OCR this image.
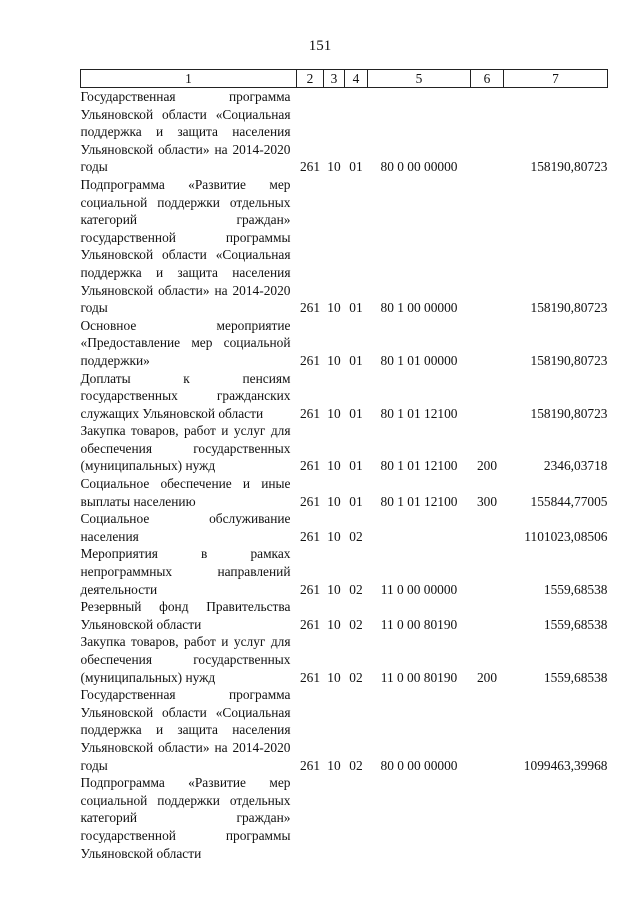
151
1	2	3	4	5	6	7
Государственная программа Ульяновской области «Социальная поддержка и защита населения Ульяновской области» на 2014-2020 годы	261	10	01	80 0 00 00000		158190,80723
Подпрограмма «Развитие мер социальной поддержки отдельных категорий граждан» государственной программы Ульяновской области «Социальная поддержка и защита населения Ульяновской области» на 2014-2020 годы	261	10	01	80 1 00 00000		158190,80723
Основное мероприятие «Предоставление мер социальной поддержки»	261	10	01	80 1 01 00000		158190,80723
Доплаты к пенсиям государственных гражданских служащих Ульяновской области	261	10	01	80 1 01 12100		158190,80723
Закупка товаров, работ и услуг для обеспечения государственных (муниципальных) нужд	261	10	01	80 1 01 12100	200	2346,03718
Социальное обеспечение и иные выплаты населению	261	10	01	80 1 01 12100	300	155844,77005
Социальное обслуживание населения	261	10	02			1101023,08506
Мероприятия в рамках непрограммных направлений деятельности	261	10	02	11 0 00 00000		1559,68538
Резервный фонд Правительства Ульяновской области	261	10	02	11 0 00 80190		1559,68538
Закупка товаров, работ и услуг для обеспечения государственных (муниципальных) нужд	261	10	02	11 0 00 80190	200	1559,68538
Государственная программа Ульяновской области «Социальная поддержка и защита населения Ульяновской области» на 2014-2020 годы	261	10	02	80 0 00 00000		1099463,39968
Подпрограмма «Развитие мер социальной поддержки отдельных категорий граждан» государственной программы Ульяновской области						
